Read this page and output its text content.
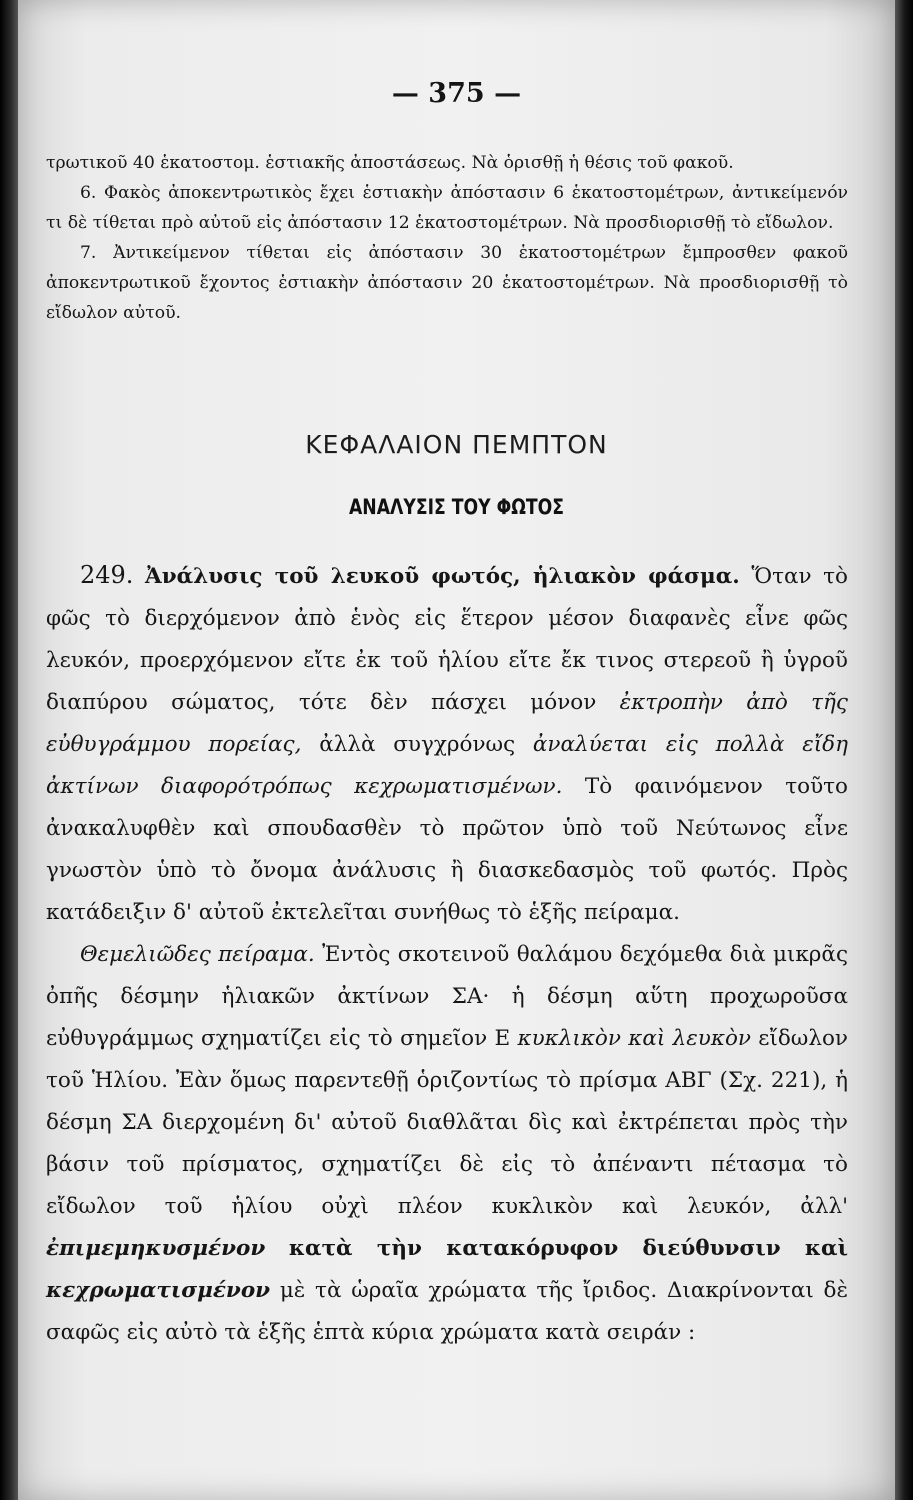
— 375 —

τρωτικοῦ 40 ἑκατοστομ. ἑστιακῆς ἀποστάσεως. Νὰ ὁρισθῇ ἡ θέσις τοῦ φακοῦ.

6. Φακὸς ἀποκεντρωτικὸς ἔχει ἑστιακὴν ἀπόστασιν 6 ἑκατοστομέτρων, ἀντικείμενόν τι δὲ τίθεται πρὸ αὐτοῦ εἰς ἀπόστασιν 12 ἑκατοστομέτρων. Νὰ προσδιορισθῇ τὸ εἴδωλον.

7. Ἀντικείμενον τίθεται εἰς ἀπόστασιν 30 ἑκατοστομέτρων ἔμπροσθεν φακοῦ ἀποκεντρωτικοῦ ἔχοντος ἑστιακὴν ἀπόστασιν 20 ἑκατοστομέτρων. Νὰ προσδιορισθῇ τὸ εἴδωλον αὐτοῦ.

ΚΕΦΑΛΑΙΟΝ ΠΕΜΠΤΟΝ
ΑΝΑΛΥΣΙΣ ΤΟΥ ΦΩΤΟΣ

249. Ἀνάλυσις τοῦ λευκοῦ φωτός, ἡλιακὸν φάσμα. Ὅταν τὸ φῶς τὸ διερχόμενον ἀπὸ ἑνὸς εἰς ἕτερον μέσον διαφανὲς εἶνε φῶς λευκόν, προερχόμενον εἴτε ἐκ τοῦ ἡλίου εἴτε ἔκ τινος στερεοῦ ἢ ὑγροῦ διαπύρου σώματος, τότε δὲν πάσχει μόνον ἐκτροπὴν ἀπὸ τῆς εὐθυγράμμου πορείας, ἀλλὰ συγχρόνως ἀναλύεται εἰς πολλὰ εἴδη ἀκτίνων διαφορότρόπως κεχρωματισμένων. Τὸ φαινόμενον τοῦτο ἀνακαλυφθὲν καὶ σπουδασθὲν τὸ πρῶτον ὑπὸ τοῦ Νεύτωνος εἶνε γνωστὸν ὑπὸ τὸ ὄνομα ἀνάλυσις ἢ διασκεδασμὸς τοῦ φωτός. Πρὸς κατάδειξιν δ' αὐτοῦ ἐκτελεῖται συνήθως τὸ ἑξῆς πείραμα.

Θεμελιῶδες πείραμα. Ἐντὸς σκοτεινοῦ θαλάμου δεχόμεθα διὰ μικρᾶς ὀπῆς δέσμην ἡλιακῶν ἀκτίνων ΣΑ· ἡ δέσμη αὕτη προχωροῦσα εὐθυγράμμως σχηματίζει εἰς τὸ σημεῖον Ε κυκλικὸν καὶ λευκὸν εἴδωλον τοῦ Ἡλίου. Ἐὰν ὅμως παρεντεθῇ ὁριζοντίως τὸ πρίσμα ΑΒΓ (Σχ. 221), ἡ δέσμη ΣΑ διερχομένη δι' αὐτοῦ διαθλᾶται δὶς καὶ ἐκτρέπεται πρὸς τὴν βάσιν τοῦ πρίσματος, σχηματίζει δὲ εἰς τὸ ἀπέναντι πέτασμα τὸ εἴδωλον τοῦ ἡλίου οὐχὶ πλέον κυκλικὸν καὶ λευκόν, ἀλλ' ἐπιμεμηκυσμένον κατὰ τὴν κατακόρυφον διεύθυνσιν καὶ κεχρωματισμένον μὲ τὰ ὡραῖα χρώματα τῆς ἴριδος. Διακρίνονται δὲ σαφῶς εἰς αὐτὸ τὰ ἑξῆς ἑπτὰ κύρια χρώματα κατὰ σειράν :
